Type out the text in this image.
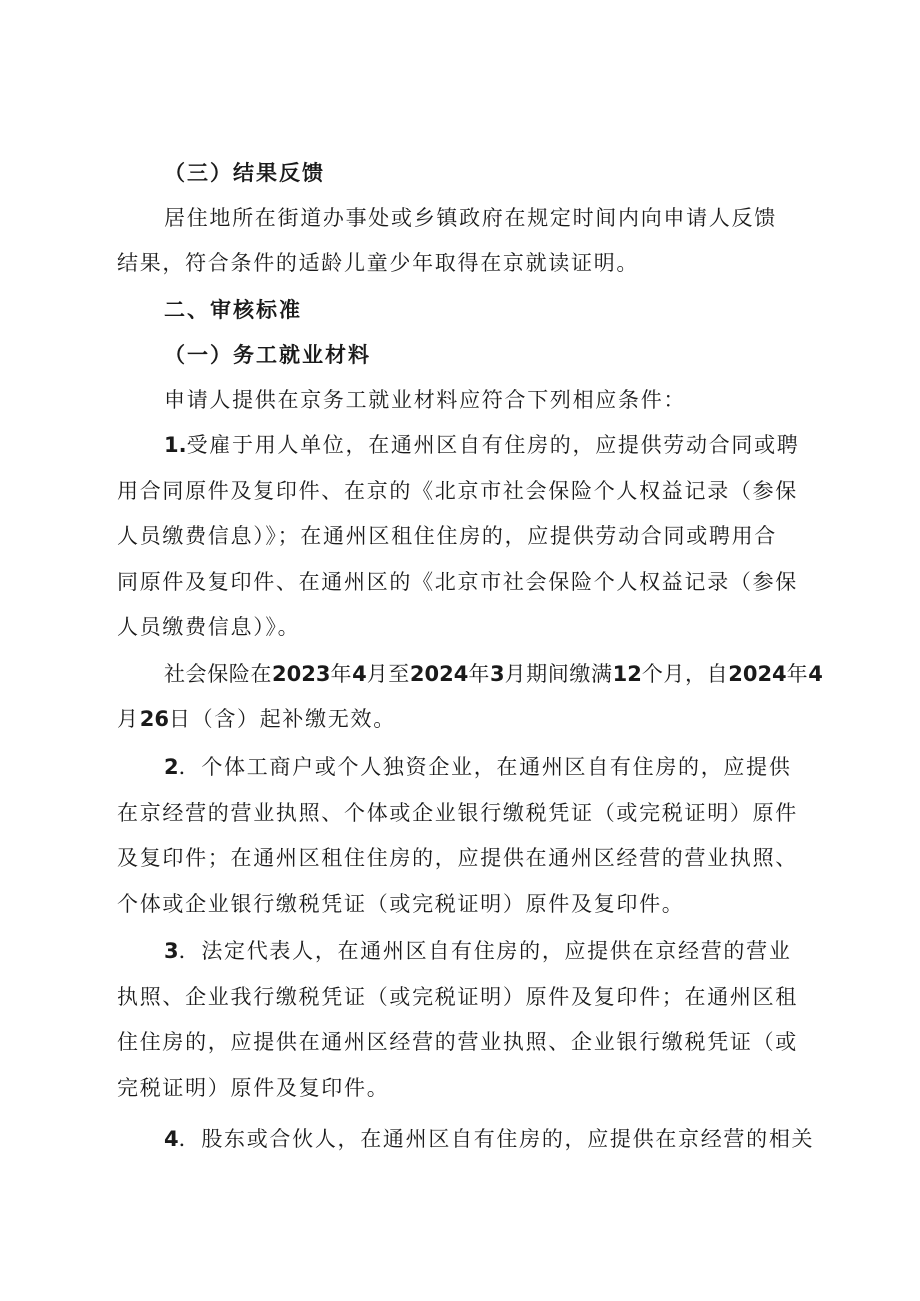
（三）结果反馈
居住地所在街道办事处或乡镇政府在规定时间内向申请人反馈
结果，符合条件的适龄儿童少年取得在京就读证明。
二、审核标准
（一）务工就业材料
申请人提供在京务工就业材料应符合下列相应条件：
1.受雇于用人单位，在通州区自有住房的，应提供劳动合同或聘
用合同原件及复印件、在京的《北京市社会保险个人权益记录（参保
人员缴费信息）》；在通州区租住住房的，应提供劳动合同或聘用合
同原件及复印件、在通州区的《北京市社会保险个人权益记录（参保
人员缴费信息）》。
社会保险在2023年4月至2024年3月期间缴满12个月，自2024年4
月26日（含）起补缴无效。
2．个体工商户或个人独资企业，在通州区自有住房的，应提供
在京经营的营业执照、个体或企业银行缴税凭证（或完税证明）原件
及复印件；在通州区租住住房的，应提供在通州区经营的营业执照、
个体或企业银行缴税凭证（或完税证明）原件及复印件。
3．法定代表人，在通州区自有住房的，应提供在京经营的营业
执照、企业我行缴税凭证（或完税证明）原件及复印件；在通州区租
住住房的，应提供在通州区经营的营业执照、企业银行缴税凭证（或
完税证明）原件及复印件。
4．股东或合伙人，在通州区自有住房的，应提供在京经营的相关
